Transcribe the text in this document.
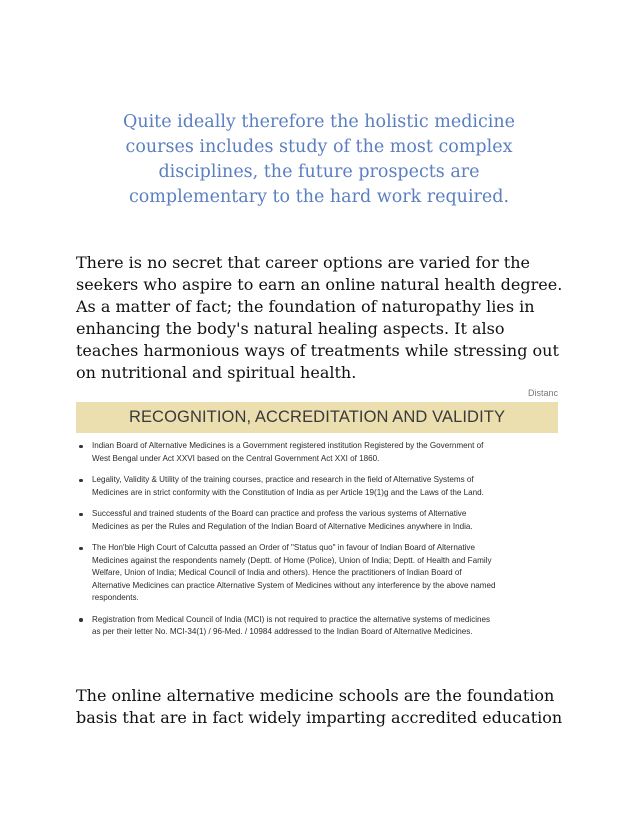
Quite ideally therefore the holistic medicine
courses includes study of the most complex
disciplines, the future prospects are
complementary to the hard work required.
There is no secret that career options are varied for the
seekers who aspire to earn an online natural health degree.
As a matter of fact; the foundation of naturopathy lies in
enhancing the body's natural healing aspects. It also
teaches harmonious ways of treatments while stressing out
on nutritional and spiritual health.
Distanc
RECOGNITION, ACCREDITATION AND VALIDITY
Indian Board of Alternative Medicines is a Government registered institution Registered by the Government of
West Bengal under Act XXVI based on the Central Government Act XXI of 1860.
Legality, Validity & Utility of the training courses, practice and research in the field of Alternative Systems of
Medicines are in strict conformity with the Constitution of India as per Article 19(1)g and the Laws of the Land.
Successful and trained students of the Board can practice and profess the various systems of Alternative
Medicines as per the Rules and Regulation of the Indian Board of Alternative Medicines anywhere in India.
The Hon'ble High Court of Calcutta passed an Order of "Status quo" in favour of Indian Board of Alternative
Medicines against the respondents namely (Deptt. of Home (Police), Union of India; Deptt. of Health and Family
Welfare, Union of India; Medical Council of India and others). Hence the practitioners of Indian Board of
Alternative Medicines can practice Alternative System of Medicines without any interference by the above named
respondents.
Registration from Medical Council of India (MCI) is not required to practice the alternative systems of medicines
as per their letter No. MCI-34(1) / 96-Med. / 10984 addressed to the Indian Board of Alternative Medicines.
The online alternative medicine schools are the foundation
basis that are in fact widely imparting accredited education
